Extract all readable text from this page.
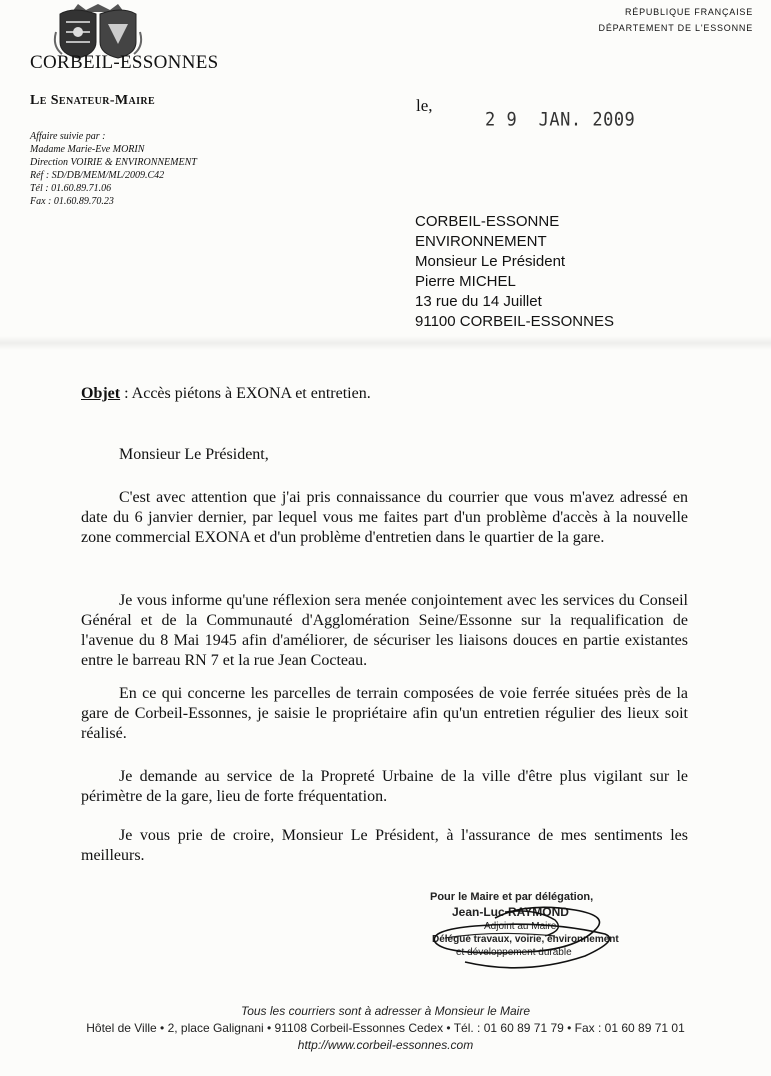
CORBEIL-ESSONNES
RÉPUBLIQUE FRANÇAISE
DÉPARTEMENT DE L'ESSONNE
Le Senateur-Maire
Affaire suivie par :
Madame Marie-Eve MORIN
Direction VOIRIE & ENVIRONNEMENT
Réf : SD/DB/MEM/ML/2009.C42
Tél : 01.60.89.71.06
Fax : 01.60.89.70.23
le,
2 9  JAN. 2009
CORBEIL-ESSONNE
ENVIRONNEMENT
Monsieur Le Président
Pierre MICHEL
13 rue du 14 Juillet
91100 CORBEIL-ESSONNES
Objet : Accès piétons à EXONA et entretien.
Monsieur Le Président,
C'est avec attention que j'ai pris connaissance du courrier que vous m'avez adressé en date du 6 janvier dernier, par lequel vous me faites part d'un problème d'accès à la nouvelle zone commercial EXONA et d'un problème d'entretien dans le quartier de la gare.
Je vous informe qu'une réflexion sera menée conjointement avec les services du Conseil Général et de la Communauté d'Agglomération Seine/Essonne sur la requalification de l'avenue du 8 Mai 1945 afin d'améliorer, de sécuriser les liaisons douces en partie existantes entre le barreau RN 7 et la rue Jean Cocteau.
En ce qui concerne les parcelles de terrain composées de voie ferrée situées près de la gare de Corbeil-Essonnes, je saisie le propriétaire afin qu'un entretien régulier des lieux soit réalisé.
Je demande au service de la Propreté Urbaine de la ville d'être plus vigilant sur le périmètre de la gare, lieu de forte fréquentation.
Je vous prie de croire, Monsieur Le Président, à l'assurance de mes sentiments les meilleurs.
Pour le Maire et par délégation,
Jean-Luc RAYMOND
Adjoint au Maire
Délégué travaux, voirie, environnement
et développement durable
Tous les courriers sont à adresser à Monsieur le Maire
Hôtel de Ville • 2, place Galignani • 91108 Corbeil-Essonnes Cedex • Tél. : 01 60 89 71 79 • Fax : 01 60 89 71 01
http://www.corbeil-essonnes.com
